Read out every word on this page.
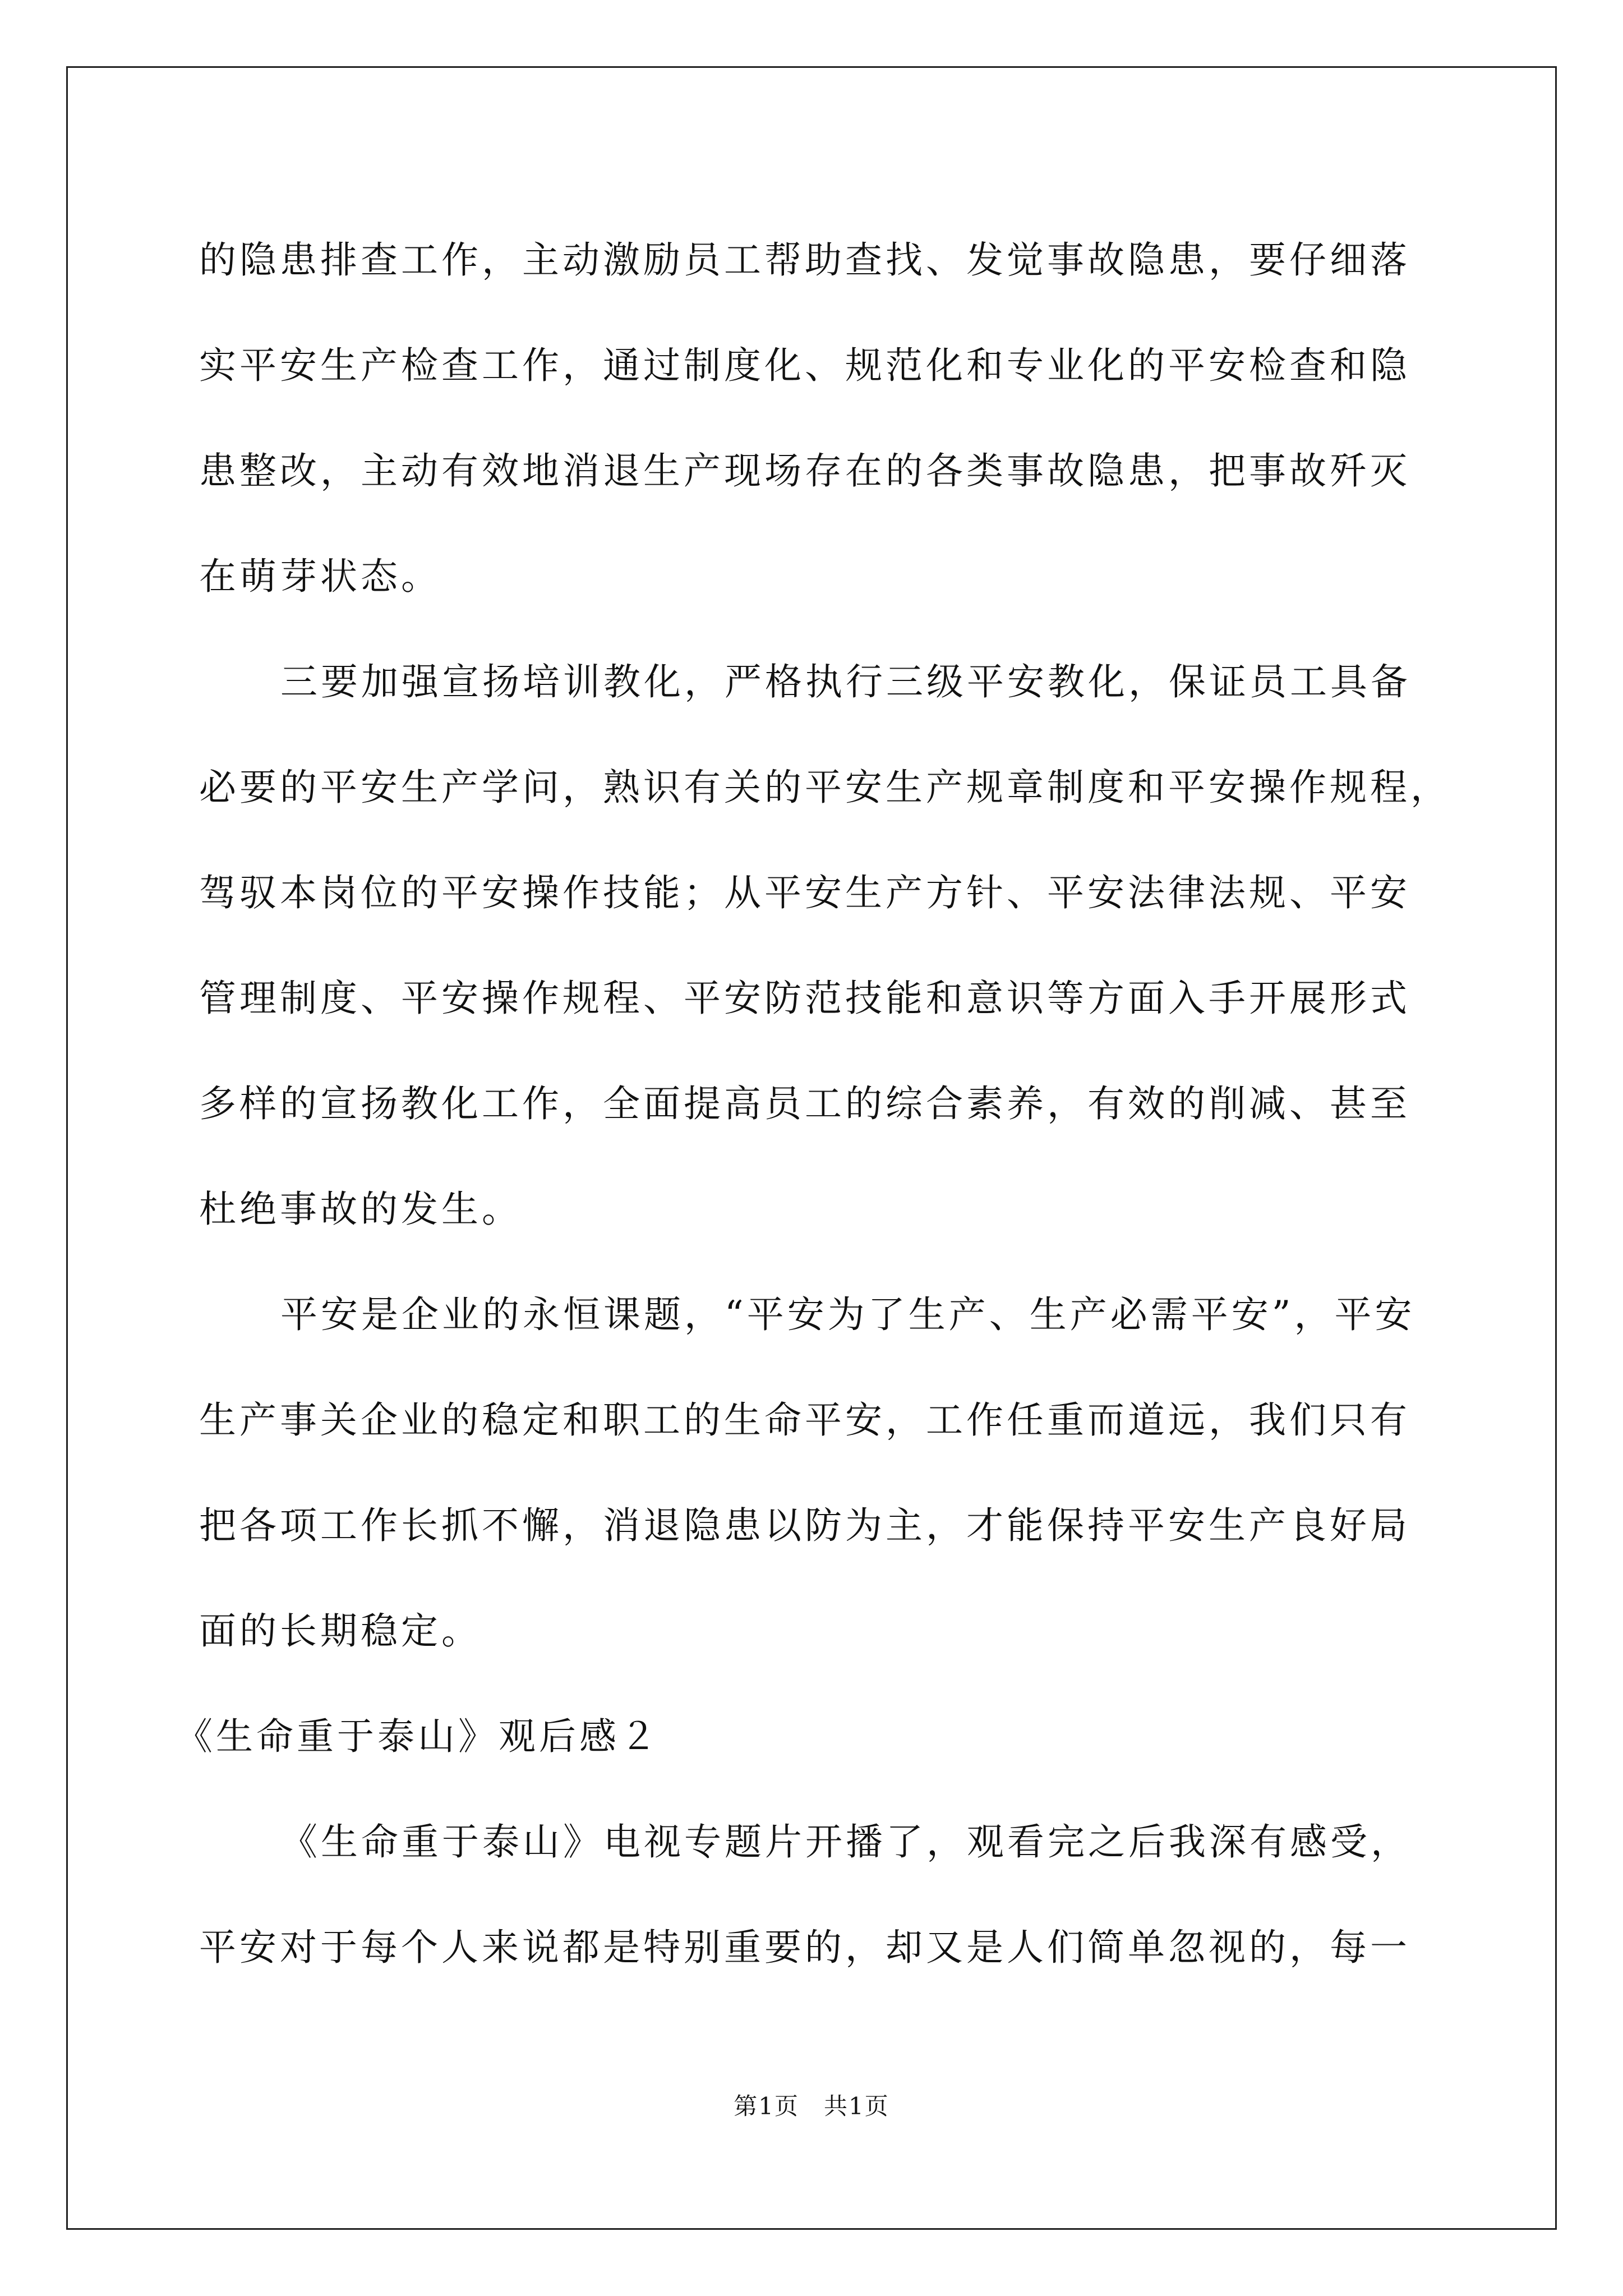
的隐患排查工作，主动激励员工帮助查找、发觉事故隐患，要仔细落
实平安生产检查工作，通过制度化、规范化和专业化的平安检查和隐
患整改，主动有效地消退生产现场存在的各类事故隐患，把事故歼灭
在萌芽状态。
三要加强宣扬培训教化，严格执行三级平安教化，保证员工具备
必要的平安生产学问，熟识有关的平安生产规章制度和平安操作规程，
驾驭本岗位的平安操作技能；从平安生产方针、平安法律法规、平安
管理制度、平安操作规程、平安防范技能和意识等方面入手开展形式
多样的宣扬教化工作，全面提高员工的综合素养，有效的削减、甚至
杜绝事故的发生。
平安是企业的永恒课题，“平安为了生产、生产必需平安”，平安
生产事关企业的稳定和职工的生命平安，工作任重而道远，我们只有
把各项工作长抓不懈，消退隐患以防为主，才能保持平安生产良好局
面的长期稳定。
《生命重于泰山》观后感２
《生命重于泰山》电视专题片开播了，观看完之后我深有感受，
平安对于每个人来说都是特别重要的，却又是人们简单忽视的，每一
第1页　共1页
